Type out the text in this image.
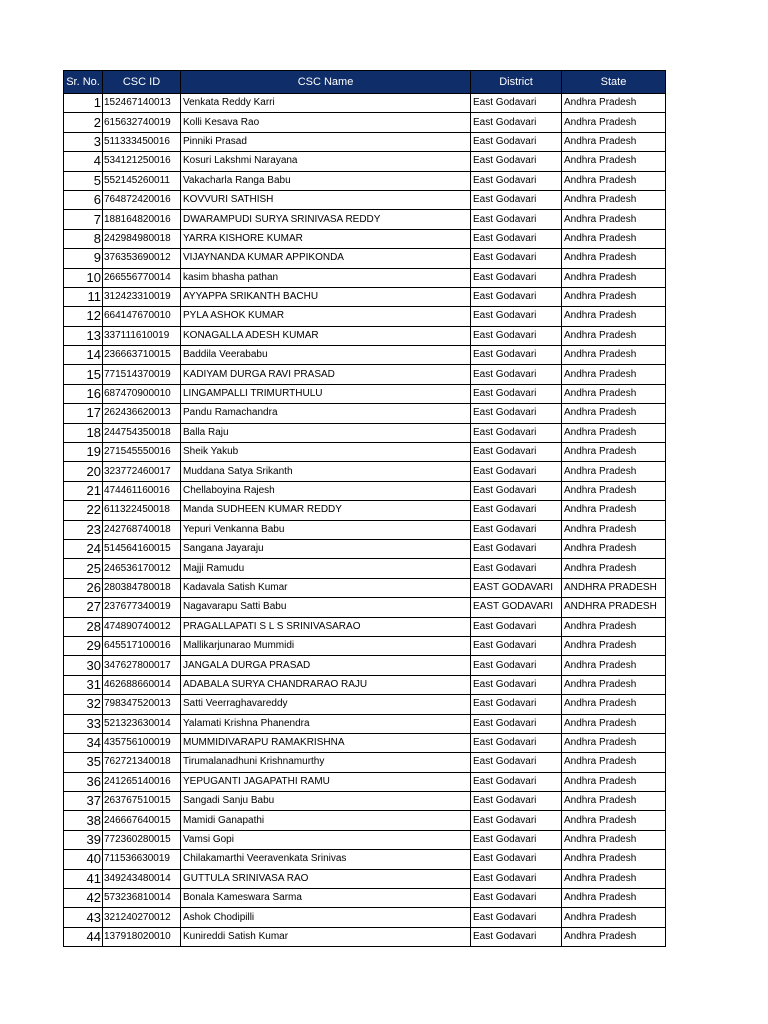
Sr. No.	CSC ID	CSC Name	District	State
1	152467140013	Venkata Reddy Karri	East Godavari	Andhra Pradesh
2	615632740019	Kolli Kesava Rao	East Godavari	Andhra Pradesh
3	511333450016	Pinniki Prasad	East Godavari	Andhra Pradesh
4	534121250016	Kosuri Lakshmi Narayana	East Godavari	Andhra Pradesh
5	552145260011	Vakacharla Ranga Babu	East Godavari	Andhra Pradesh
6	764872420016	KOVVURI SATHISH	East Godavari	Andhra Pradesh
7	188164820016	DWARAMPUDI SURYA SRINIVASA REDDY	East Godavari	Andhra Pradesh
8	242984980018	YARRA KISHORE KUMAR	East Godavari	Andhra Pradesh
9	376353690012	VIJAYNANDA KUMAR APPIKONDA	East Godavari	Andhra Pradesh
10	266556770014	kasim bhasha pathan	East Godavari	Andhra Pradesh
11	312423310019	AYYAPPA SRIKANTH BACHU	East Godavari	Andhra Pradesh
12	664147670010	PYLA ASHOK KUMAR	East Godavari	Andhra Pradesh
13	337111610019	KONAGALLA ADESH KUMAR	East Godavari	Andhra Pradesh
14	236663710015	Baddila Veerababu	East Godavari	Andhra Pradesh
15	771514370019	KADIYAM DURGA RAVI PRASAD	East Godavari	Andhra Pradesh
16	687470900010	LINGAMPALLI TRIMURTHULU	East Godavari	Andhra Pradesh
17	262436620013	Pandu Ramachandra	East Godavari	Andhra Pradesh
18	244754350018	Balla Raju	East Godavari	Andhra Pradesh
19	271545550016	Sheik Yakub	East Godavari	Andhra Pradesh
20	323772460017	Muddana Satya Srikanth	East Godavari	Andhra Pradesh
21	474461160016	Chellaboyina Rajesh	East Godavari	Andhra Pradesh
22	611322450018	Manda SUDHEEN KUMAR REDDY	East Godavari	Andhra Pradesh
23	242768740018	Yepuri Venkanna Babu	East Godavari	Andhra Pradesh
24	514564160015	Sangana Jayaraju	East Godavari	Andhra Pradesh
25	246536170012	Majji Ramudu	East Godavari	Andhra Pradesh
26	280384780018	Kadavala Satish Kumar	EAST GODAVARI	ANDHRA PRADESH
27	237677340019	Nagavarapu Satti Babu	EAST GODAVARI	ANDHRA PRADESH
28	474890740012	PRAGALLAPATI S L S SRINIVASARAO	East Godavari	Andhra Pradesh
29	645517100016	Mallikarjunarao Mummidi	East Godavari	Andhra Pradesh
30	347627800017	JANGALA DURGA PRASAD	East Godavari	Andhra Pradesh
31	462688660014	ADABALA SURYA CHANDRARAO RAJU	East Godavari	Andhra Pradesh
32	798347520013	Satti Veerraghavareddy	East Godavari	Andhra Pradesh
33	521323630014	Yalamati Krishna Phanendra	East Godavari	Andhra Pradesh
34	435756100019	MUMMIDIVARAPU RAMAKRISHNA	East Godavari	Andhra Pradesh
35	762721340018	Tirumalanadhuni Krishnamurthy	East Godavari	Andhra Pradesh
36	241265140016	YEPUGANTI JAGAPATHI RAMU	East Godavari	Andhra Pradesh
37	263767510015	Sangadi Sanju Babu	East Godavari	Andhra Pradesh
38	246667640015	Mamidi Ganapathi	East Godavari	Andhra Pradesh
39	772360280015	Vamsi Gopi	East Godavari	Andhra Pradesh
40	711536630019	Chilakamarthi Veeravenkata Srinivas	East Godavari	Andhra Pradesh
41	349243480014	GUTTULA SRINIVASA RAO	East Godavari	Andhra Pradesh
42	573236810014	Bonala Kameswara Sarma	East Godavari	Andhra Pradesh
43	321240270012	Ashok Chodipilli	East Godavari	Andhra Pradesh
44	137918020010	Kunireddi Satish Kumar	East Godavari	Andhra Pradesh
